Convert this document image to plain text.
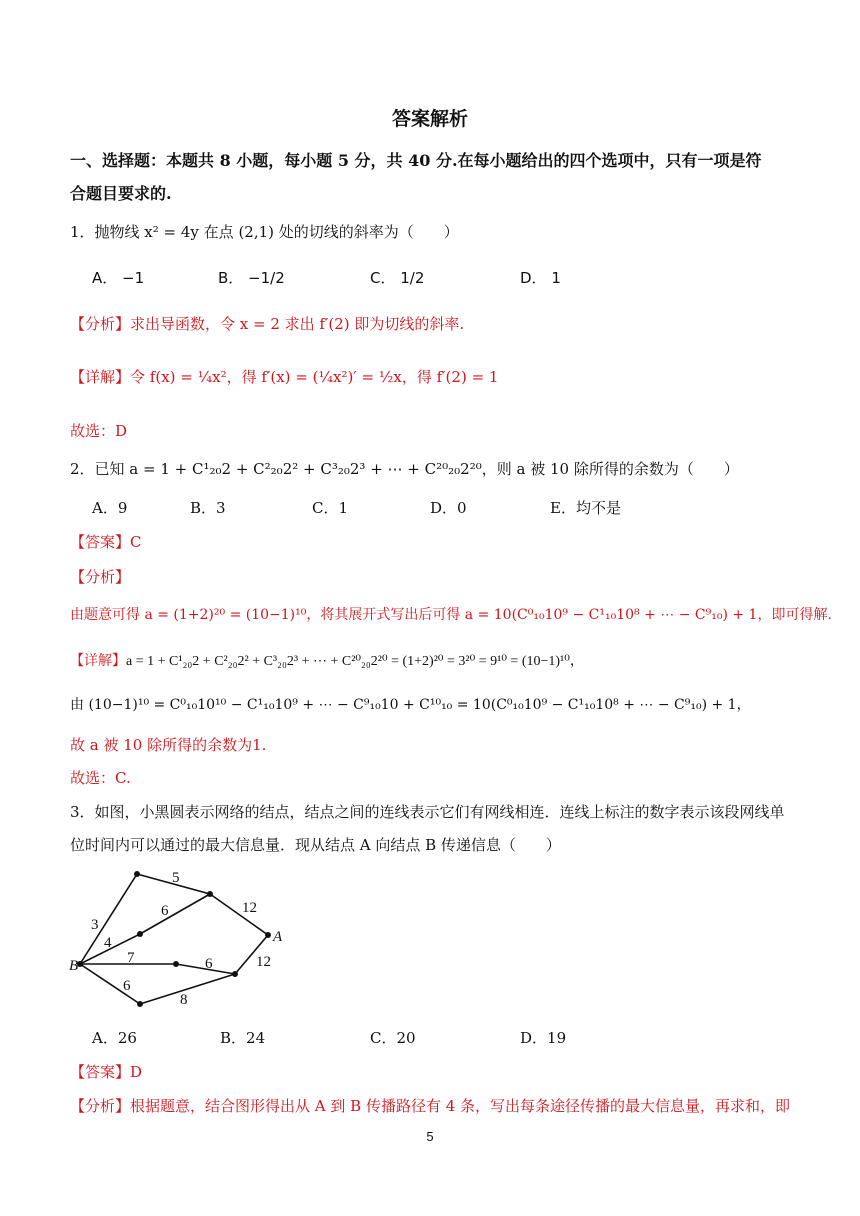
答案解析
一、选择题：本题共 8 小题，每小题 5 分，共 40 分.在每小题给出的四个选项中，只有一项是符
合题目要求的.
1．抛物线 x² = 4y 在点 (2,1) 处的切线的斜率为（　　）
A． −1	B． −1/2	C． 1/2	D． 1
【分析】求出导函数，令 x = 2 求出 f′(2) 即为切线的斜率.
【详解】令 f(x) = ¼x²，得 f′(x) = (¼x²)′ = ½x，得 f′(2) = 1
故选：D
2．已知 a = 1 + C¹₂₀2 + C²₂₀2² + C³₂₀2³ + ⋯ + C²⁰₂₀2²⁰，则 a 被 10 除所得的余数为（　　）
A．9	B．3	C．1	D．0	E．均不是
【答案】C
【分析】
由题意可得 a = (1+2)²⁰ = (10−1)¹⁰，将其展开式写出后可得 a = 10(C⁰₁₀10⁹ − C¹₁₀10⁸ + ⋯ − C⁹₁₀) + 1，即可得解.
【详解】a = 1 + C¹₂₀2 + C²₂₀2² + C³₂₀2³ + ⋯ + C²⁰₂₀2²⁰ = (1+2)²⁰ = 3²⁰ = 9¹⁰ = (10−1)¹⁰，
由 (10−1)¹⁰ = C⁰₁₀10¹⁰ − C¹₁₀10⁹ + ⋯ − C⁹₁₀10 + C¹⁰₁₀ = 10(C⁰₁₀10⁹ − C¹₁₀10⁸ + ⋯ − C⁹₁₀) + 1，
故 a 被 10 除所得的余数为1.
故选：C.
3．如图，小黑圆表示网络的结点，结点之间的连线表示它们有网线相连．连线上标注的数字表示该段网线单
位时间内可以通过的最大信息量．现从结点 A 向结点 B 传递信息（　　）
B
A
3
5
12
6
4
7	6	12
6
8
A．26	B．24	C．20	D．19
【答案】D
【分析】根据题意，结合图形得出从 A 到 B 传播路径有 4 条，写出每条途径传播的最大信息量，再求和，即
5
